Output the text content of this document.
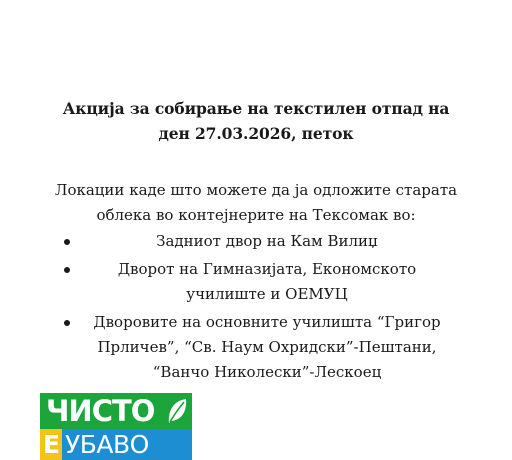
Акција за собирање на текстилен отпад на
ден 27.03.2026, петок
Локации каде што можете да ја одложите старата
облека во контејнерите на Тексомак во:
Задниот двор на Кам Вилиџ
Дворот на Гимназијата, Економското
училиште и ОЕМУЦ
Дворовите на основните училишта “Григор
Прличев”, “Св. Наум Охридски”-Пештани,
“Ванчо Николески”-Лескоец
ЧИСТО
Е УБАВО
